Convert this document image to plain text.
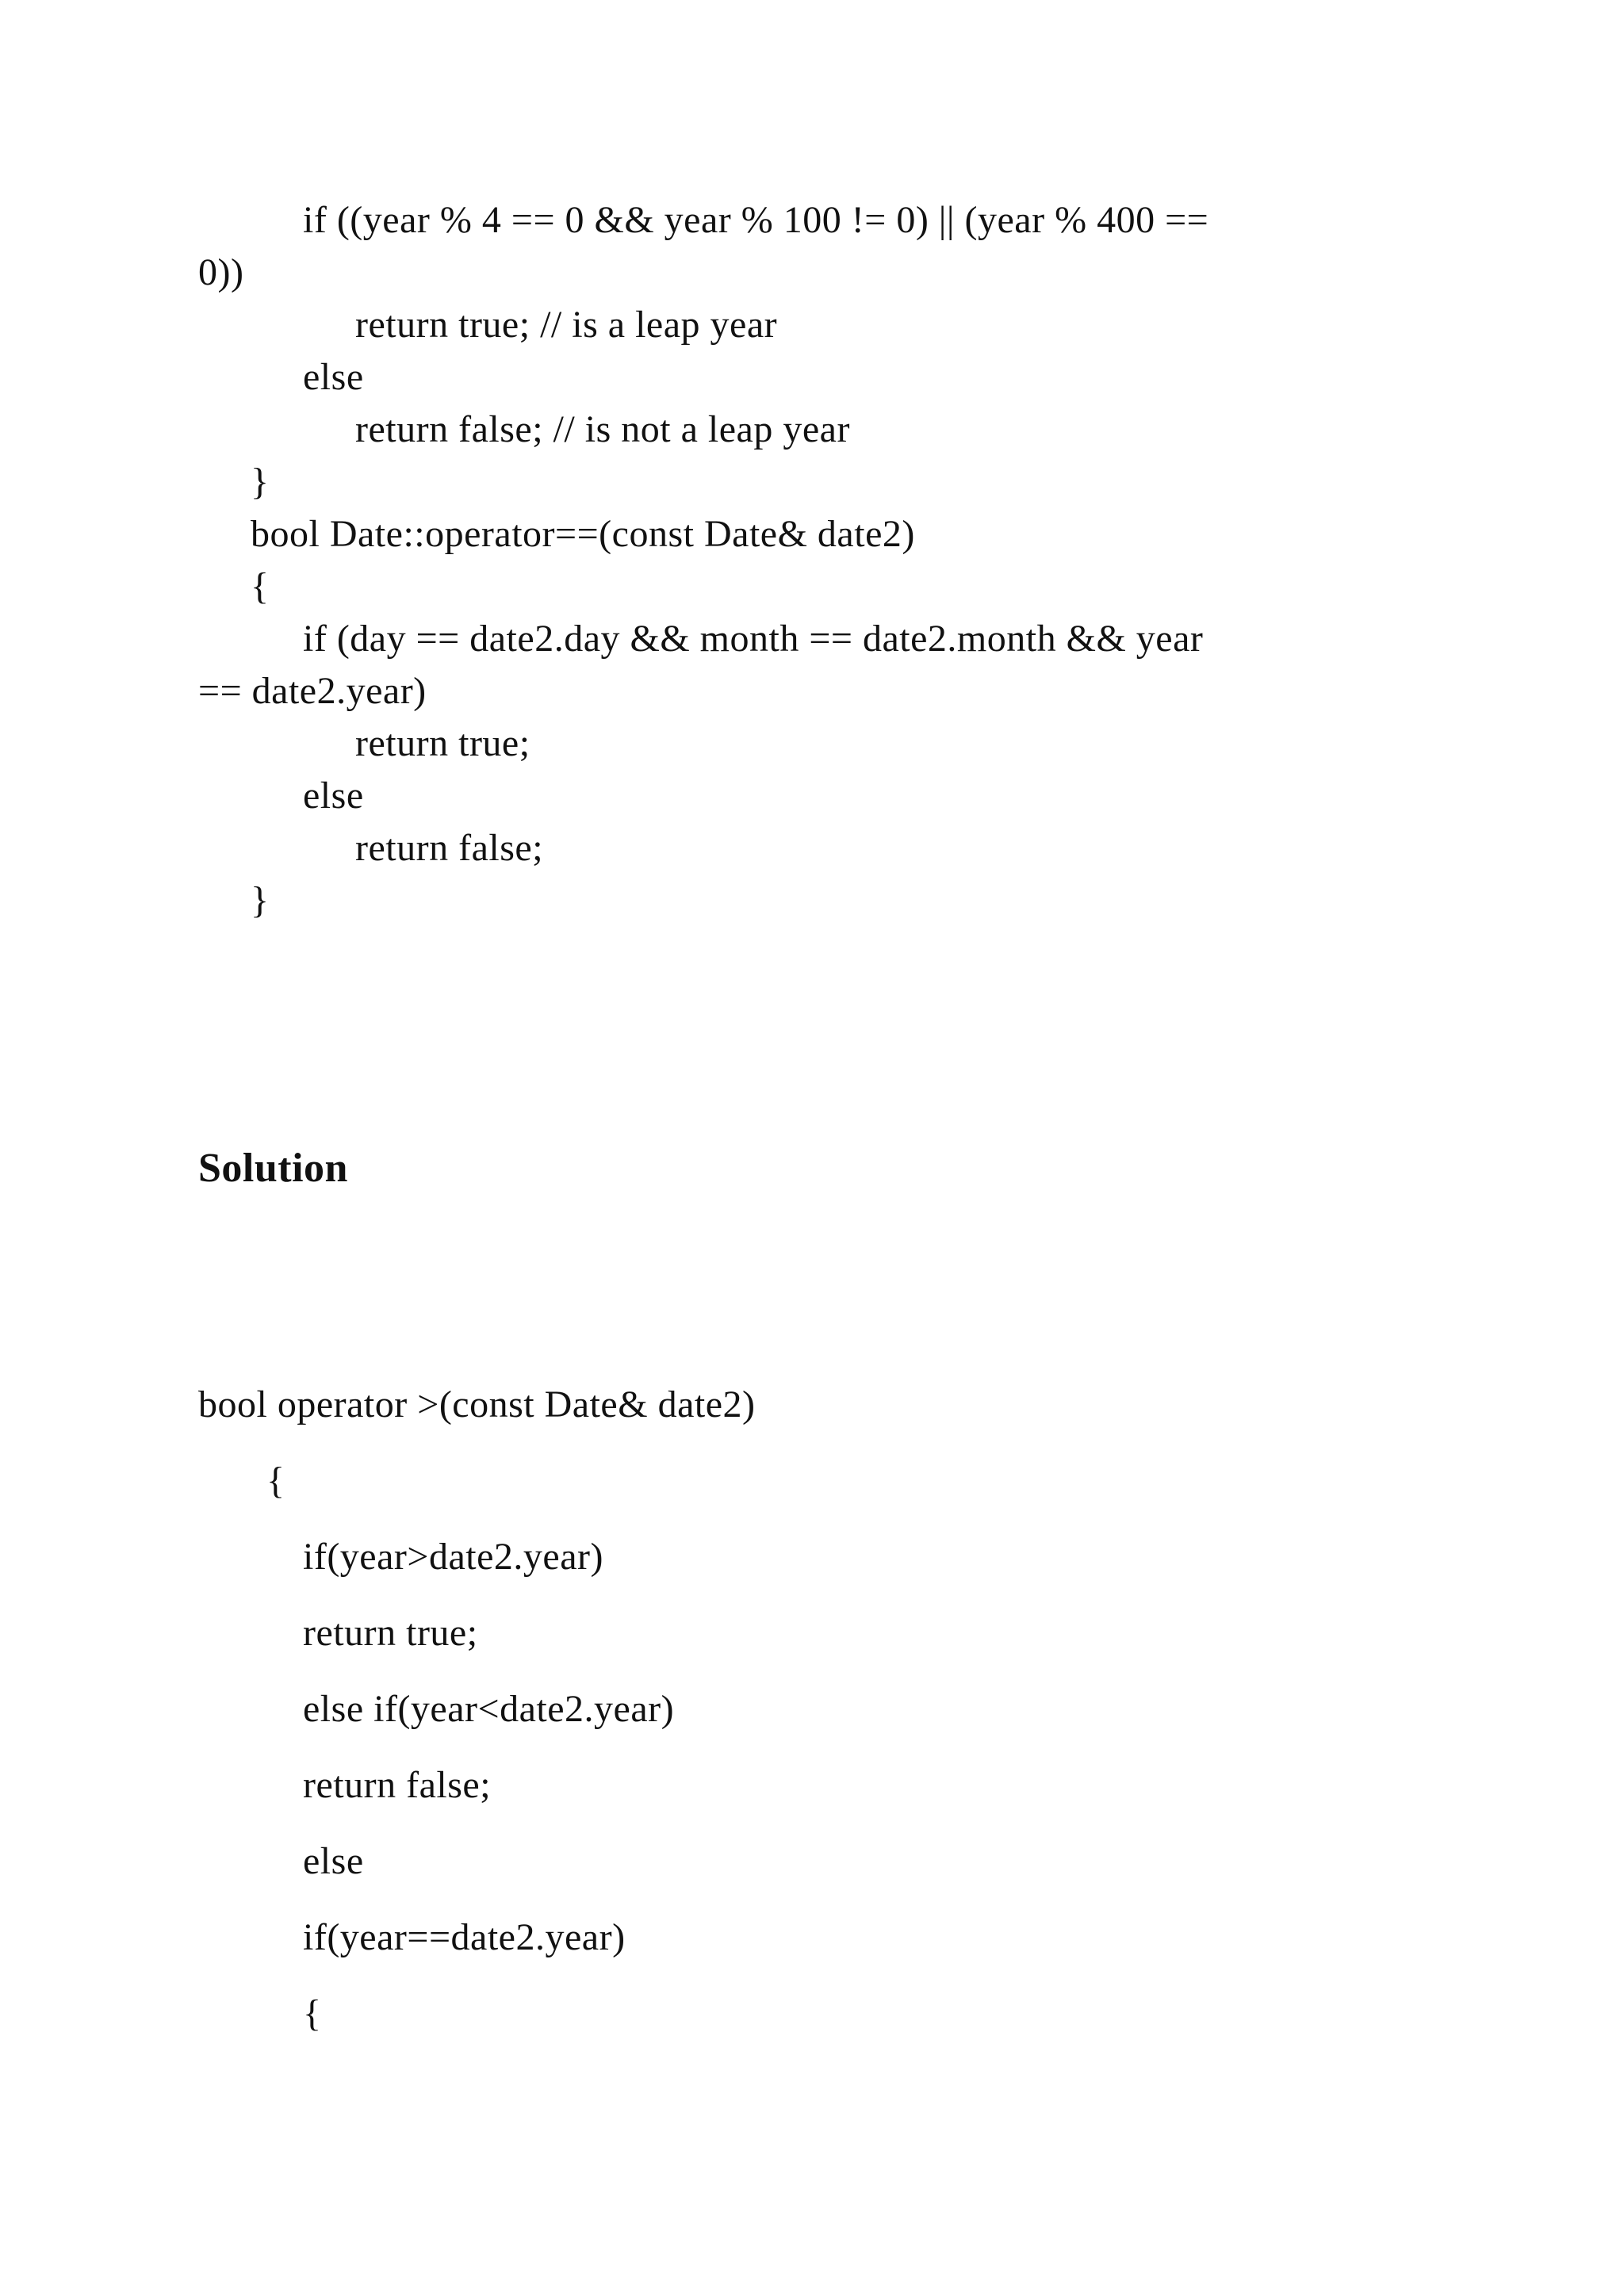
if ((year % 4 == 0 && year % 100 != 0) || (year % 400 ==
0))
return true; // is a leap year
else
return false; // is not a leap year
}
bool Date::operator==(const Date& date2)
{
if (day == date2.day && month == date2.month && year
== date2.year)
return true;
else
return false;
}
Solution
bool operator >(const Date& date2)
{
if(year>date2.year)
return true;
else if(year<date2.year)
return false;
else
if(year==date2.year)
{
